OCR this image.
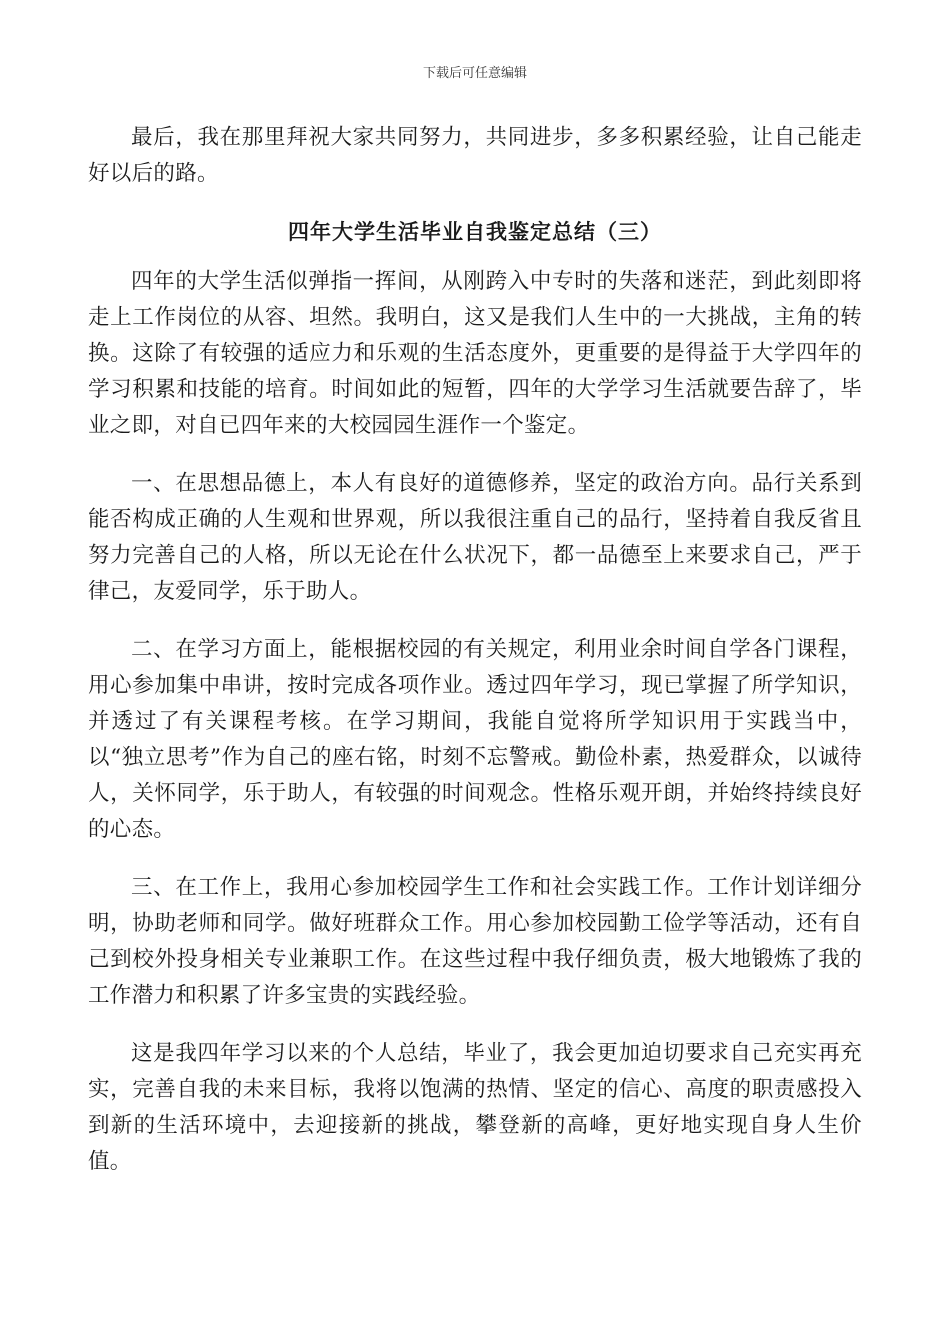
下载后可任意编辑

最后，我在那里拜祝大家共同努力，共同进步，多多积累经验，让自己能走好以后的路。

四年大学生活毕业自我鉴定总结（三）

四年的大学生活似弹指一挥间，从刚跨入中专时的失落和迷茫，到此刻即将走上工作岗位的从容、坦然。我明白，这又是我们人生中的一大挑战，主角的转换。这除了有较强的适应力和乐观的生活态度外，更重要的是得益于大学四年的学习积累和技能的培育。时间如此的短暂，四年的大学学习生活就要告辞了，毕业之即，对自已四年来的大校园园生涯作一个鉴定。

一、在思想品德上，本人有良好的道德修养，坚定的政治方向。品行关系到能否构成正确的人生观和世界观，所以我很注重自己的品行，坚持着自我反省且努力完善自己的人格，所以无论在什么状况下，都一品德至上来要求自己，严于律己，友爱同学，乐于助人。

二、在学习方面上，能根据校园的有关规定，利用业余时间自学各门课程，用心参加集中串讲，按时完成各项作业。透过四年学习，现已掌握了所学知识，并透过了有关课程考核。在学习期间，我能自觉将所学知识用于实践当中，以“独立思考”作为自己的座右铭，时刻不忘警戒。勤俭朴素，热爱群众，以诚待人，关怀同学，乐于助人，有较强的时间观念。性格乐观开朗，并始终持续良好的心态。

三、在工作上，我用心参加校园学生工作和社会实践工作。工作计划详细分明，协助老师和同学。做好班群众工作。用心参加校园勤工俭学等活动，还有自己到校外投身相关专业兼职工作。在这些过程中我仔细负责，极大地锻炼了我的工作潜力和积累了许多宝贵的实践经验。

这是我四年学习以来的个人总结，毕业了，我会更加迫切要求自己充实再充实，完善自我的未来目标，我将以饱满的热情、坚定的信心、高度的职责感投入到新的生活环境中，去迎接新的挑战，攀登新的高峰，更好地实现自身人生价值。
